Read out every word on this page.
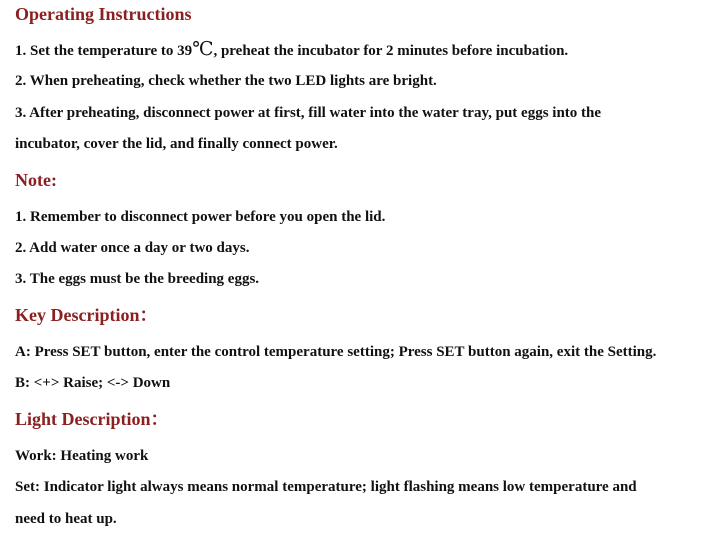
Operating Instructions
1. Set the temperature to 39℃, preheat the incubator for 2 minutes before incubation.
2. When preheating, check whether the two LED lights are bright.
3. After preheating, disconnect power at first, fill water into the water tray, put eggs into the
incubator, cover the lid, and finally connect power.
Note:
1. Remember to disconnect power before you open the lid.
2. Add water once a day or two days.
3. The eggs must be the breeding eggs.
Key Description：
A: Press SET button, enter the control temperature setting; Press SET button again, exit the Setting.
B: <+> Raise; <-> Down
Light Description：
Work: Heating work
Set: Indicator light always means normal temperature; light flashing means low temperature and
need to heat up.
